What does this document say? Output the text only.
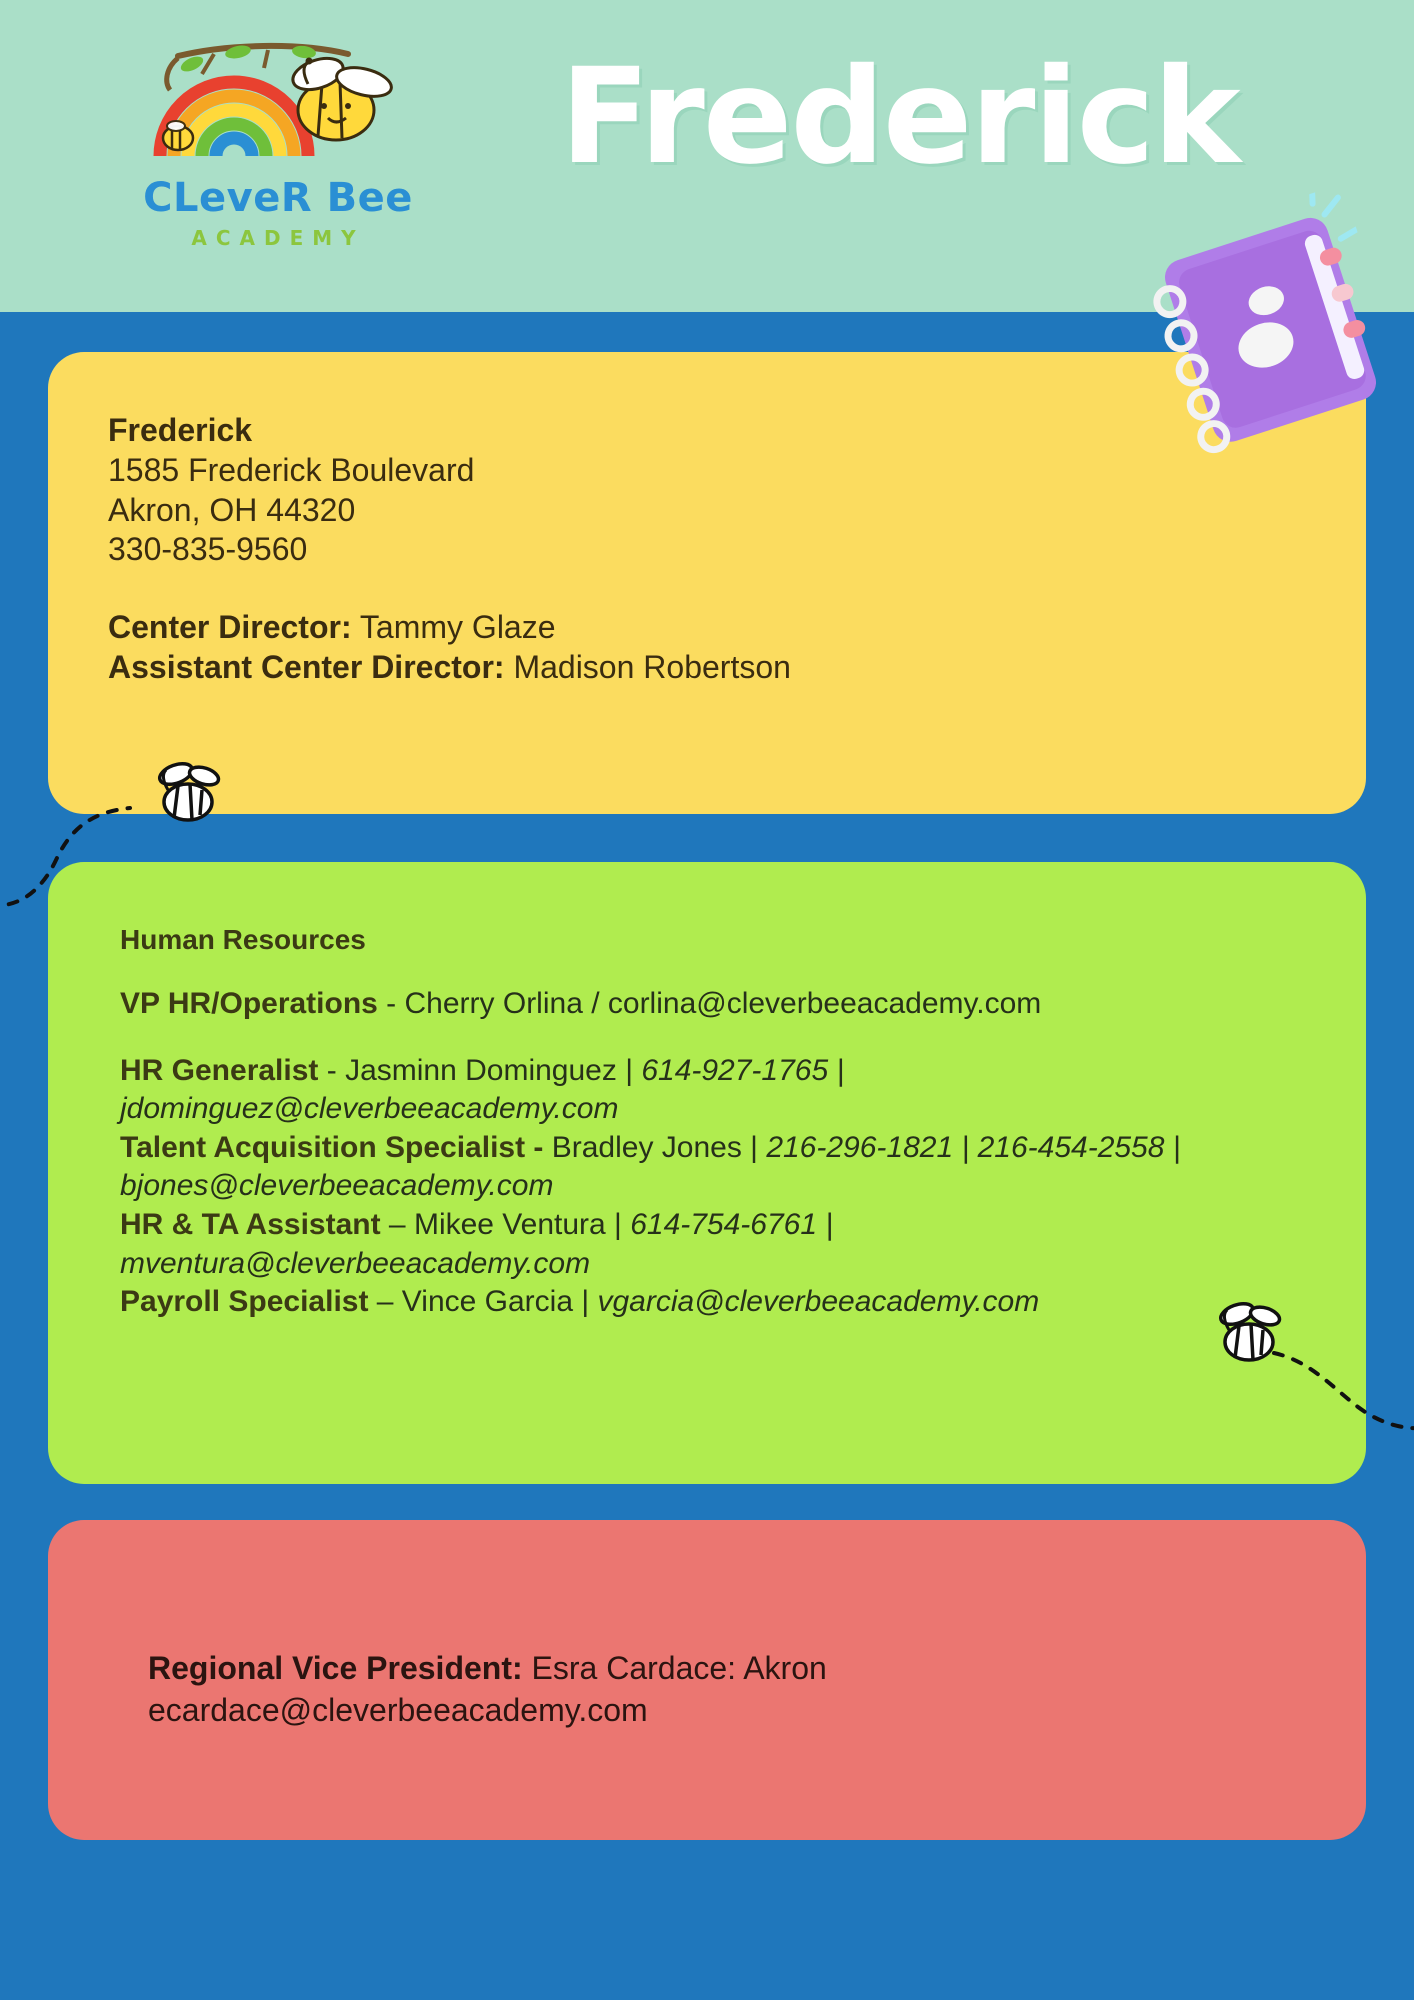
CLeveR Bee
ACADEMY
Frederick
Frederick
1585 Frederick Boulevard
Akron, OH 44320
330-835-9560
Center Director: Tammy Glaze
Assistant Center Director: Madison Robertson
Human Resources
VP HR/Operations - Cherry Orlina / corlina@cleverbeeacademy.com
HR Generalist - Jasminn Dominguez | 614-927-1765 |
jdominguez@cleverbeeacademy.com
Talent Acquisition Specialist - Bradley Jones | 216-296-1821 | 216-454-2558 |
bjones@cleverbeeacademy.com
HR & TA Assistant – Mikee Ventura | 614-754-6761 |
mventura@cleverbeeacademy.com
Payroll Specialist – Vince Garcia | vgarcia@cleverbeeacademy.com
Regional Vice President: Esra Cardace: Akron
ecardace@cleverbeeacademy.com
